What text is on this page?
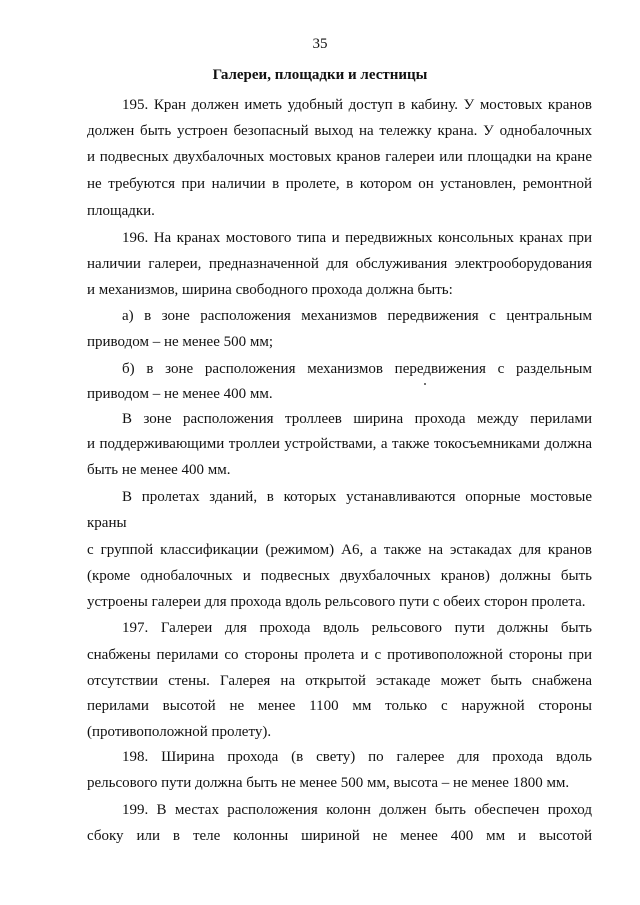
35
Галереи, площадки и лестницы
195. Кран должен иметь удобный доступ в кабину. У мостовых кранов
должен быть устроен безопасный выход на тележку крана. У однобалочных
и подвесных двухбалочных мостовых кранов галереи или площадки на кране
не требуются при наличии в пролете, в котором он установлен, ремонтной
площадки.
196. На кранах мостового типа и передвижных консольных кранах при
наличии галереи, предназначенной для обслуживания электрооборудования
и механизмов, ширина свободного прохода должна быть:
а) в зоне расположения механизмов передвижения с центральным
приводом – не менее 500 мм;
б) в зоне расположения механизмов передвижения с раздельным
приводом – не менее 400 мм.
В зоне расположения троллеев ширина прохода между перилами
и поддерживающими троллеи устройствами, а также токосъемниками должна
быть не менее 400 мм.
В пролетах зданий, в которых устанавливаются опорные мостовые
краны
с группой классификации (режимом) А6, а также на эстакадах для кранов
(кроме однобалочных и подвесных двухбалочных кранов) должны быть
устроены галереи для прохода вдоль рельсового пути с обеих сторон пролета.
197. Галереи для прохода вдоль рельсового пути должны быть
снабжены перилами со стороны пролета и с противоположной стороны при
отсутствии стены. Галерея на открытой эстакаде может быть снабжена
перилами высотой не менее 1100 мм только с наружной стороны
(противоположной пролету).
198. Ширина прохода (в свету) по галерее для прохода вдоль
рельсового пути должна быть не менее 500 мм, высота – не менее 1800 мм.
199. В местах расположения колонн должен быть обеспечен проход
сбоку или в теле колонны шириной не менее 400 мм и высотой
